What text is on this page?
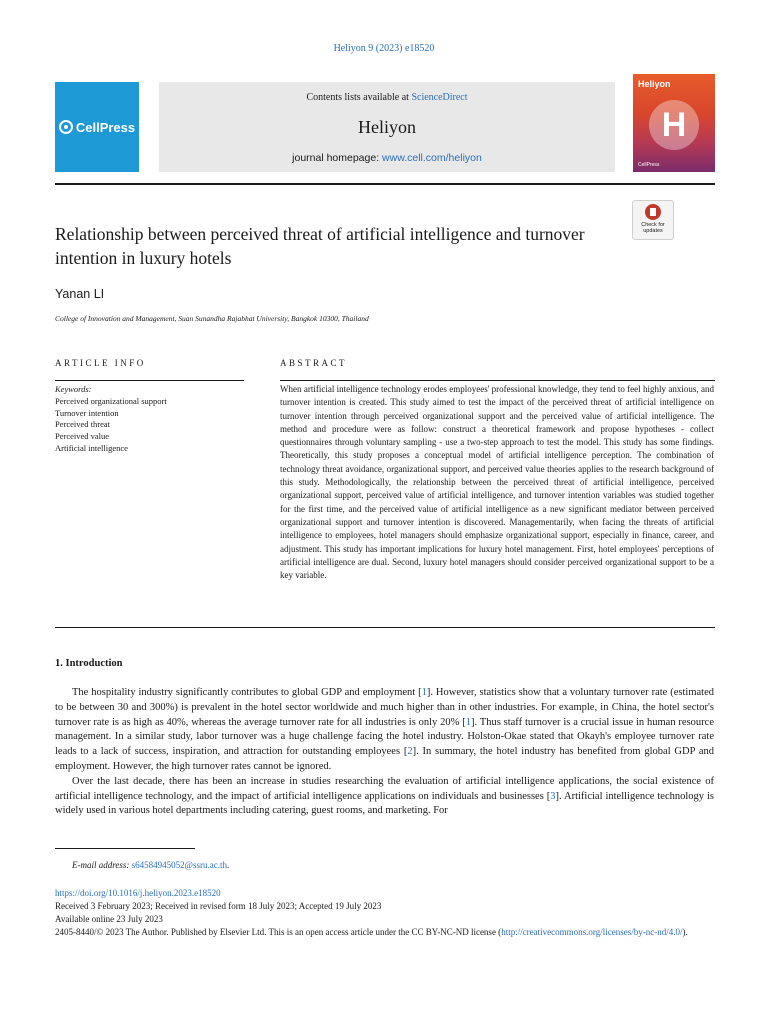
Heliyon 9 (2023) e18520
CellPress
Contents lists available at ScienceDirect
Heliyon
journal homepage: www.cell.com/heliyon
Heliyon
H
CellPress
Relationship between perceived threat of artificial intelligence and turnover intention in luxury hotels
Check for
updates
Yanan LI
College of Innovation and Management, Suan Sunandha Rajabhat University, Bangkok 10300, Thailand
ARTICLE INFO	ABSTRACT
Keywords:
Perceived organizational support
Turnover intention
Perceived threat
Perceived value
Artificial intelligence
When artificial intelligence technology erodes employees' professional knowledge, they tend to feel highly anxious, and turnover intention is created. This study aimed to test the impact of the perceived threat of artificial intelligence on turnover intention through perceived organizational support and the perceived value of artificial intelligence. The method and procedure were as follow: construct a theoretical framework and propose hypotheses - collect questionnaires through voluntary sampling - use a two-step approach to test the model. This study has some findings. Theoretically, this study proposes a conceptual model of artificial intelligence perception. The combination of technology threat avoidance, organizational support, and perceived value theories applies to the research background of this study. Methodologically, the relationship between the perceived threat of artificial intelligence, perceived organizational support, perceived value of artificial intelligence, and turnover intention variables was studied together for the first time, and the perceived value of artificial intelligence as a new significant mediator between perceived organizational support and turnover intention is discovered. Managementarily, when facing the threats of artificial intelligence to employees, hotel managers should emphasize organizational support, especially in finance, career, and adjustment. This study has important implications for luxury hotel management. First, hotel employees' perceptions of artificial intelligence are dual. Second, luxury hotel managers should consider perceived organizational support to be a key variable.
1. Introduction

The hospitality industry significantly contributes to global GDP and employment [1]. However, statistics show that a voluntary turnover rate (estimated to be between 30 and 300%) is prevalent in the hotel sector worldwide and much higher than in other industries. For example, in China, the hotel sector's turnover rate is as high as 40%, whereas the average turnover rate for all industries is only 20% [1]. Thus staff turnover is a crucial issue in human resource management. In a similar study, labor turnover was a huge challenge facing the hotel industry. Holston-Okae stated that Okayh's employee turnover rate leads to a lack of success, inspiration, and attraction for outstanding employees [2]. In summary, the hotel industry has benefited from global GDP and employment. However, the high turnover rates cannot be ignored.

Over the last decade, there has been an increase in studies researching the evaluation of artificial intelligence applications, the social existence of artificial intelligence technology, and the impact of artificial intelligence applications on individuals and businesses [3]. Artificial intelligence technology is widely used in various hotel departments including catering, guest rooms, and marketing. For

E-mail address: s64584945052@ssru.ac.th.
https://doi.org/10.1016/j.heliyon.2023.e18520
Received 3 February 2023; Received in revised form 18 July 2023; Accepted 19 July 2023
Available online 23 July 2023
2405-8440/© 2023 The Author. Published by Elsevier Ltd. This is an open access article under the CC BY-NC-ND license (http://creativecommons.org/licenses/by-nc-nd/4.0/).
